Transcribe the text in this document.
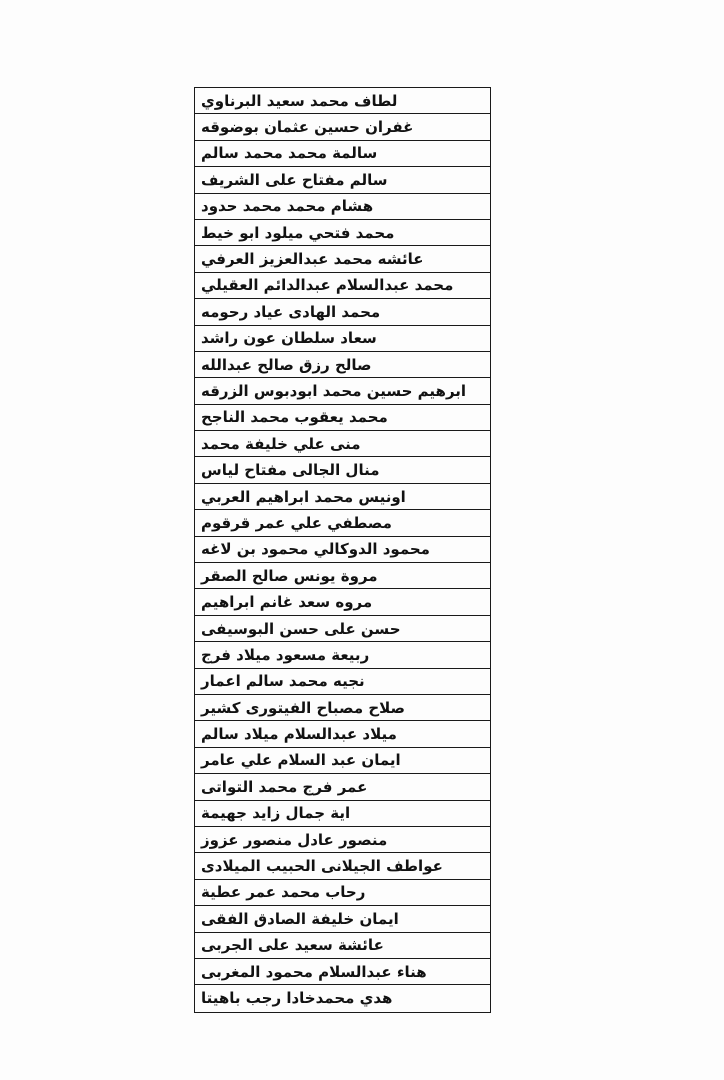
لطاف محمد سعيد البرناوي
غفران حسين عثمان بوضوقه
سالمة محمد محمد سالم
سالم مفتاح على الشريف
هشام محمد محمد حدود
محمد فتحي ميلود ابو خيط
عائشه محمد عبدالعزيز العرفي
محمد عبدالسلام عبدالدائم العقيلي
محمد الهادى عياد رحومه
سعاد سلطان عون راشد
صالح رزق صالح عبدالله
ابرهيم حسين محمد ابودبوس الزرقه
محمد يعقوب محمد الناجح
منى علي خليفة محمد
منال الجالى مفتاح لياس
اونيس محمد ابراهيم العربي
مصطفي علي عمر قرقوم
محمود الدوكالي محمود بن لاغه
مروة يونس صالح الصقر
مروه سعد غانم ابراهيم
حسن على حسن البوسيفى
ربيعة مسعود ميلاد فرج
نجيه محمد سالم اعمار
صلاح مصباح الفيتورى كشير
ميلاد عبدالسلام ميلاد سالم
ايمان عبد السلام علي عامر
عمر فرج محمد التواتى
اية جمال زايد جهيمة
منصور عادل منصور عزوز
عواطف الجيلانى الحبيب الميلادى
رحاب محمد عمر عطية
ايمان خليفة الصادق الفقى
عائشة سعيد على الجربى
هناء عبدالسلام محمود المغربى
هدي محمدخادا رجب باهيتا
